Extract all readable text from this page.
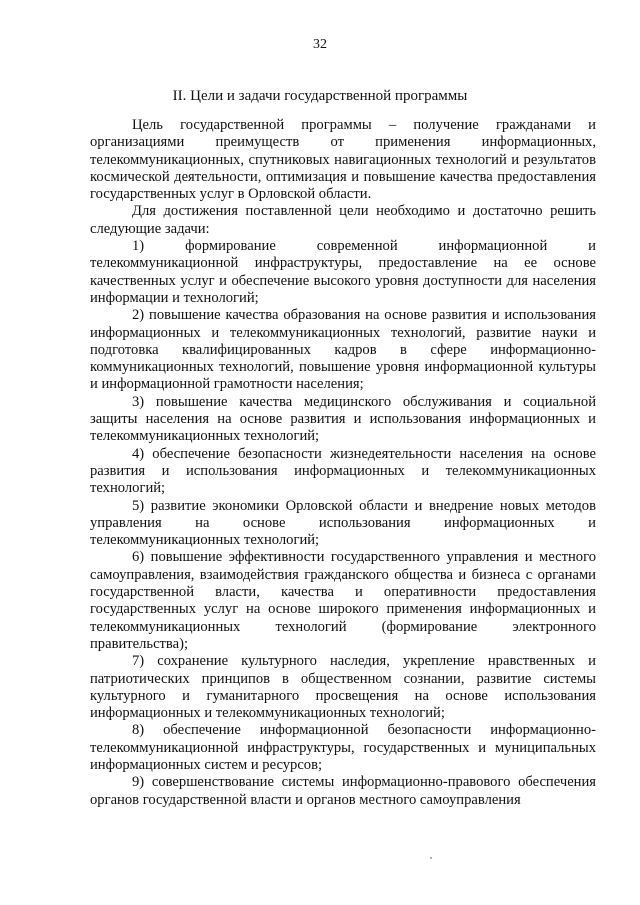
32
II. Цели и задачи государственной программы

Цель государственной программы – получение гражданами и организациями преимуществ от применения информационных, телекоммуникационных, спутниковых навигационных технологий и результатов космической деятельности, оптимизация и повышение качества предоставления государственных услуг в Орловской области.

Для достижения поставленной цели необходимо и достаточно решить следующие задачи:

1) формирование современной информационной и телекоммуникационной инфраструктуры, предоставление на ее основе качественных услуг и обеспечение высокого уровня доступности для населения информации и технологий;

2) повышение качества образования на основе развития и использования информационных и телекоммуникационных технологий, развитие науки и подготовка квалифицированных кадров в сфере информационно-коммуникационных технологий, повышение уровня информационной культуры и информационной грамотности населения;

3) повышение качества медицинского обслуживания и социальной защиты населения на основе развития и использования информационных и телекоммуникационных технологий;

4) обеспечение безопасности жизнедеятельности населения на основе развития и использования информационных и телекоммуникационных технологий;

5) развитие экономики Орловской области и внедрение новых методов управления на основе использования информационных и телекоммуникационных технологий;

6) повышение эффективности государственного управления и местного самоуправления, взаимодействия гражданского общества и бизнеса с органами государственной власти, качества и оперативности предоставления государственных услуг на основе широкого применения информационных и телекоммуникационных технологий (формирование электронного правительства);

7) сохранение культурного наследия, укрепление нравственных и патриотических принципов в общественном сознании, развитие системы культурного и гуманитарного просвещения на основе использования информационных и телекоммуникационных технологий;

8) обеспечение информационной безопасности информационно-телекоммуникационной инфраструктуры, государственных и муниципальных информационных систем и ресурсов;

9) совершенствование системы информационно-правового обеспечения органов государственной власти и органов местного самоуправления
